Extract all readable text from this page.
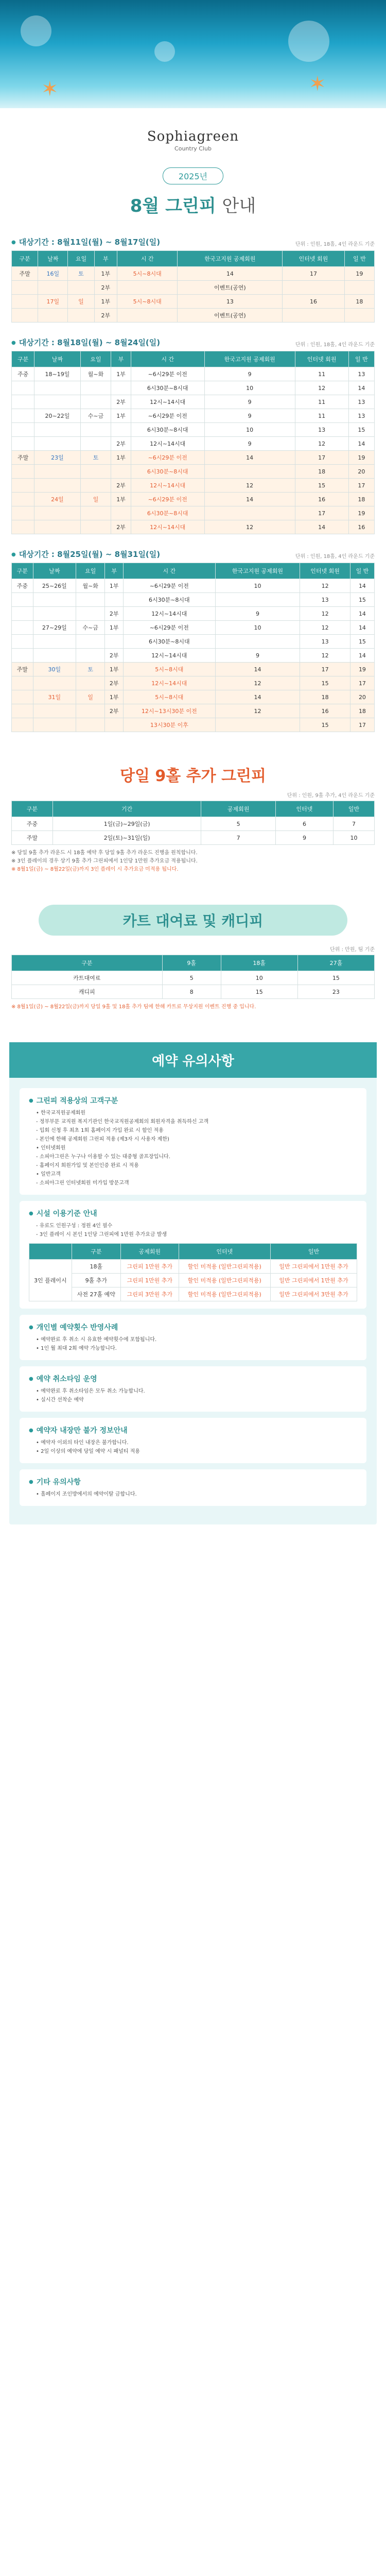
✶
✶
Sophiagreen
Country Club
2025년
8월 그린피 안내
● 대상기간 : 8월11일(월) ~ 8월17일(일)	단위 : 인원, 18홀, 4인 라운드 기준
구분	날짜	요일	부	시 간	한국고지원 공제회원	인터넷 회원	일 반
주말	16일	토	1부	5시~8시대	14	17	19
			2부		이벤트(공연)		
	17일	일	1부	5시~8시대	13	16	18
			2부		이벤트(공연)		
● 대상기간 : 8월18일(월) ~ 8월24일(일)	단위 : 인원, 18홀, 4인 라운드 기준
구분	날짜	요일	부	시 간	한국고지원 공제회원	인터넷 회원	일 반
주중	18~19일	월~화	1부	~6시29분 이전	9	11	13
				6시30분~8시대	10	12	14
			2부	12시~14시대	9	11	13
	20~22일	수~금	1부	~6시29분 이전	9	11	13
				6시30분~8시대	10	13	15
			2부	12시~14시대	9	12	14
주말	23일	토	1부	~6시29분 이전	14	17	19
				6시30분~8시대		18	20
			2부	12시~14시대	12	15	17
	24일	일	1부	~6시29분 이전	14	16	18
				6시30분~8시대		17	19
			2부	12시~14시대	12	14	16
● 대상기간 : 8월25일(월) ~ 8월31일(일)	단위 : 인원, 18홀, 4인 라운드 기준
구분	날짜	요일	부	시 간	한국고지원 공제회원	인터넷 회원	일 반
주중	25~26일	월~화	1부	~6시29분 이전	10	12	14
				6시30분~8시대		13	15
			2부	12시~14시대	9	12	14
	27~29일	수~금	1부	~6시29분 이전	10	12	14
				6시30분~8시대		13	15
			2부	12시~14시대	9	12	14
주말	30일	토	1부	5시~8시대	14	17	19
			2부	12시~14시대	12	15	17
	31일	일	1부	5시~8시대	14	18	20
			2부	12시~13시30분 이전	12	16	18
				13시30분 이후		15	17
당일 9홀 추가 그린피
단위 : 인원, 9홀 추가, 4인 라운드 기준
구분	기간	공제회원	인터넷	일반
주중	1일(금)~29일(금)	5	6	7
주말	2일(토)~31일(일)	7	9	10
※ 당일 9홀 추가 라운드 시 18홀 예약 후 당일 9홀 추가 라운드 진행을 원칙합니다.
※ 3인 플레이의 경우 상기 9홀 추가 그린피에서 1인당 1만원 추가요금 적용됩니다.
※ 8월1일(금) ~ 8월22일(금)까지 3인 플레이 시 추가요금 미적용 됩니다.
카트 대여료 및 캐디피
단위 : 만원, 팀 기준
구분	9홀	18홀	27홀
카트대여료	5	10	15
캐디피	8	15	23
※ 8월1일(금) ~ 8월22일(금)까지 당일 9홀 및 18홀 추가 팀에 한해 카트료 무상지원 이벤트 진행 중 입니다.
예약 유의사항
● 그린피 적용상의 고객구분
• 한국교직원공제회원
- 정부부문 교직원 복지기관인 한국교직원공제회의 회원자격을 취득하신 고객
- 입회 신청 후 최초 1회 홈페이지 가입 완료 시 할인 적용
- 본인에 한해 공제회원 그린피 적용 (제3자 시 사용자 제한)
• 인터넷회원
- 소피아그린은 누구나 이용할 수 있는 대중형 골프장입니다.
- 홈페이지 회원가입 및 본인인증 완료 시 적용
• 일반고객
- 소피아그린 인터넷회원 미가입 방문고객
● 시설 이용기준 안내
- 유료도 인원구성 : 정원 4인 필수
- 3인 플레이 시 본인 1인당 그린피에 1만원 추가요금 발생
	구분	공제회원	인터넷	일반
3인 플레이시	18홀	그린피 1만원 추가	할인 미적용 (일반그린피적용)	일반 그린피에서 1만원 추가
	9홀 추가	그린피 1만원 추가	할인 미적용 (일반그린피적용)	일반 그린피에서 1만원 추가
	사전 27홀 예약	그린피 3만원 추가	할인 미적용 (일반그린피적용)	일반 그린피에서 3만원 추가
● 개인별 예약횟수 반영사례
• 예약완료 후 취소 시 유효한 예약횟수에 포함됩니다.
• 1인 월 최대 2회 예약 가능합니다.
● 예약 취소타임 운영
• 예약완료 후 취소타임은 모두 취소 가능합니다.
• 실시간 선착순 예약
● 예약자 내장만 불가 정보안내
• 예약자 이외의 타인 내장은 불가합니다.
• 2일 이상의 예약에 당일 예약 시 패널티 적용
● 기타 유의사항
• 홀페이지 조인방에서의 예약이탈 금합니다.
